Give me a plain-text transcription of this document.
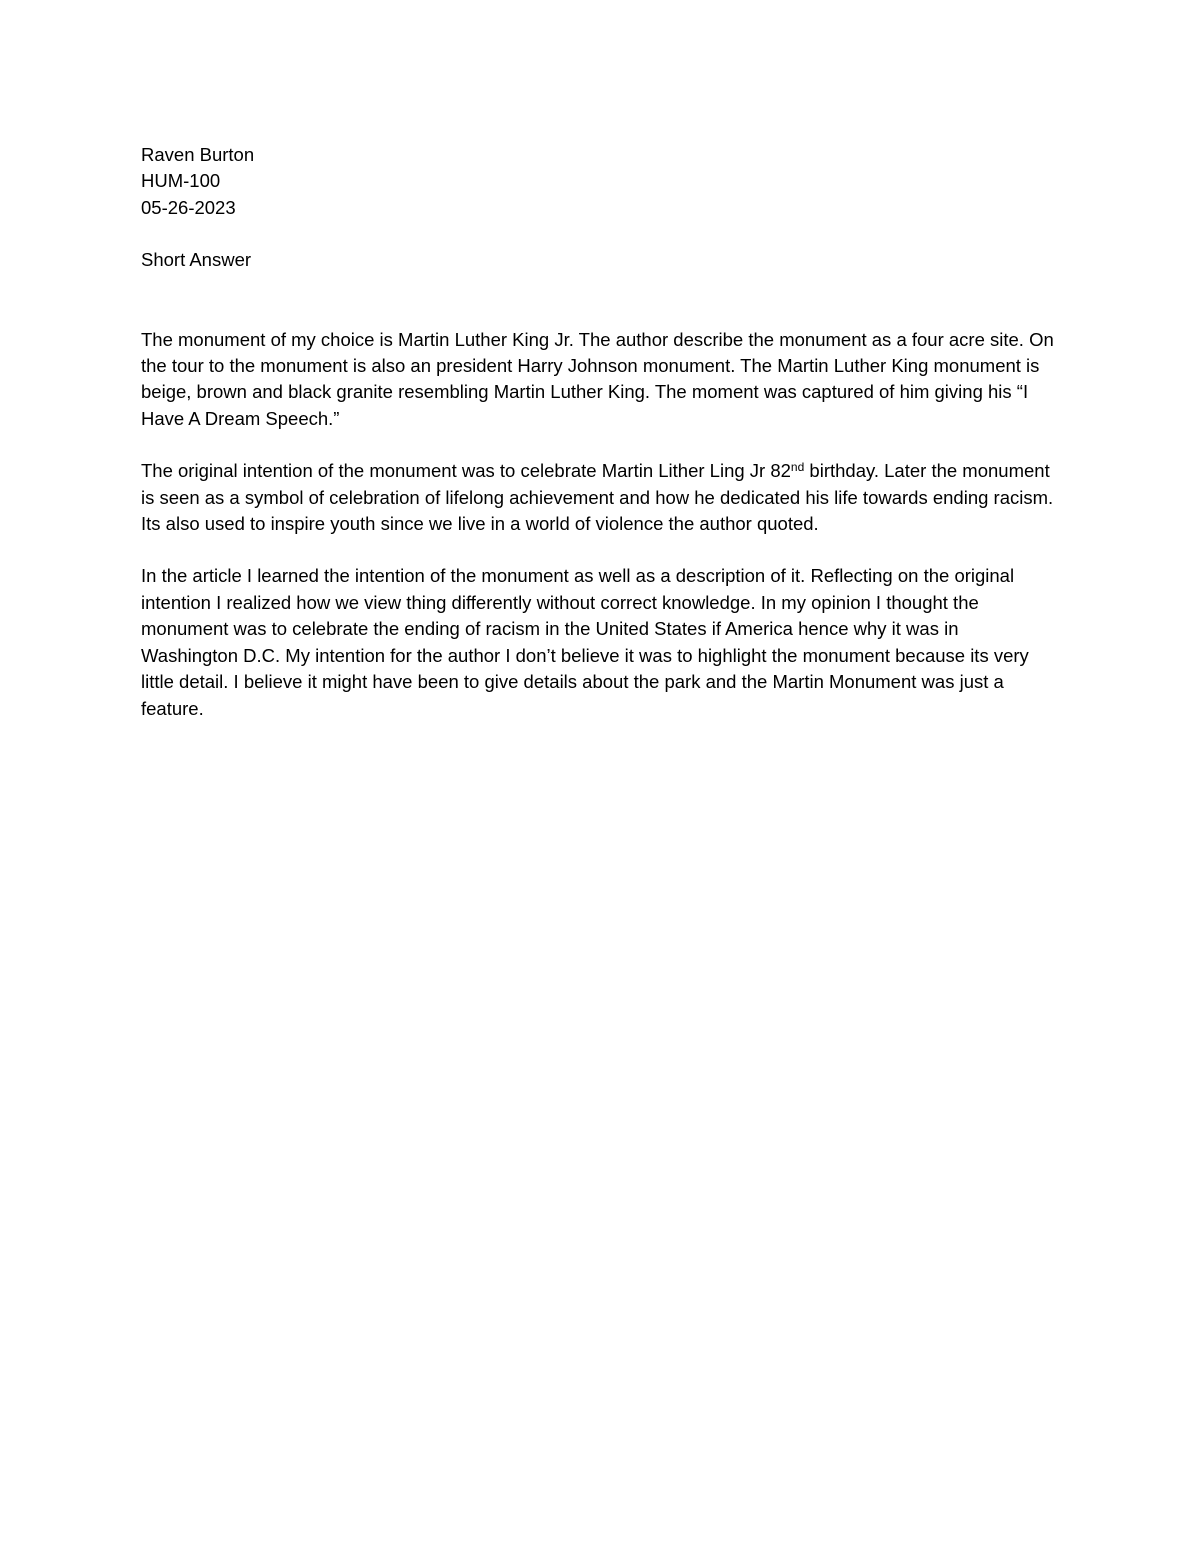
Raven Burton
HUM-100
05-26-2023
Short Answer

The monument of my choice is Martin Luther King Jr. The author describe the monument as a four acre site. On the tour to the monument is also an president Harry Johnson monument. The Martin Luther King monument is beige, brown and black granite resembling Martin Luther King. The moment was captured of him giving his “I Have A Dream Speech.”

The original intention of the monument was to celebrate Martin Lither Ling Jr 82nd birthday. Later the monument is seen as a symbol of celebration of lifelong achievement and how he dedicated his life towards ending racism. Its also used to inspire youth since we live in a world of violence the author quoted.

In the article I learned the intention of the monument as well as a description of it. Reflecting on the original intention I realized how we view thing differently without correct knowledge. In my opinion I thought the monument was to celebrate the ending of racism in the United States if America hence why it was in Washington D.C. My intention for the author I don’t believe it was to highlight the monument because its very little detail. I believe it might have been to give details about the park and the Martin Monument was just a feature.
